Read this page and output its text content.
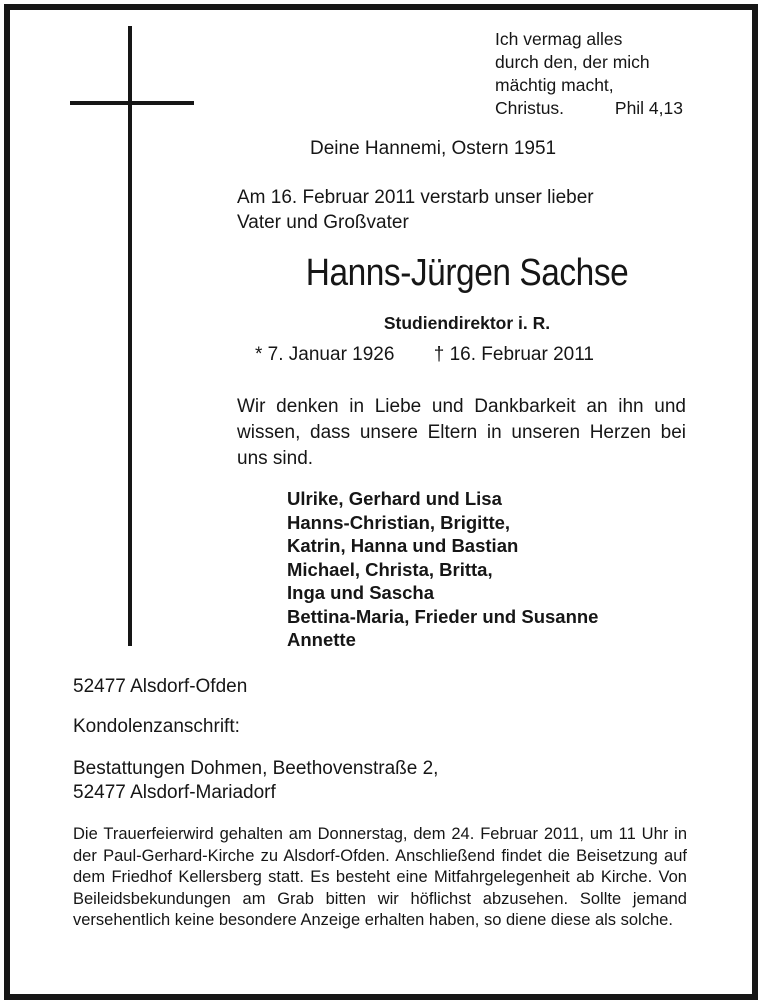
Ich vermag alles
durch den, der mich
mächtig macht,
Christus.	Phil 4,13
Deine Hannemi, Ostern 1951
Am 16. Februar 2011 verstarb unser lieber
Vater und Großvater
Hanns-Jürgen Sachse
Studiendirektor i. R.
* 7. Januar 1926 † 16. Februar 2011
Wir denken in Liebe und Dankbarkeit an ihn und wissen, dass unsere Eltern in unseren Herzen bei uns sind.
Ulrike, Gerhard und Lisa
Hanns-Christian, Brigitte,
Katrin, Hanna und Bastian
Michael, Christa, Britta,
Inga und Sascha
Bettina-Maria, Frieder und Susanne
Annette
52477 Alsdorf-Ofden
Kondolenzanschrift:
Bestattungen Dohmen, Beethovenstraße 2,
52477 Alsdorf-Mariadorf
Die Trauerfeierwird gehalten am Donnerstag, dem 24. Februar 2011, um 11 Uhr in der Paul-Gerhard-Kirche zu Alsdorf-Ofden. Anschließend findet die Beisetzung auf dem Friedhof Kellersberg statt. Es besteht eine Mitfahrgelegenheit ab Kirche. Von Beileidsbekundungen am Grab bitten wir höflichst abzusehen. Sollte jemand versehentlich keine besondere Anzeige erhalten haben, so diene diese als solche.
